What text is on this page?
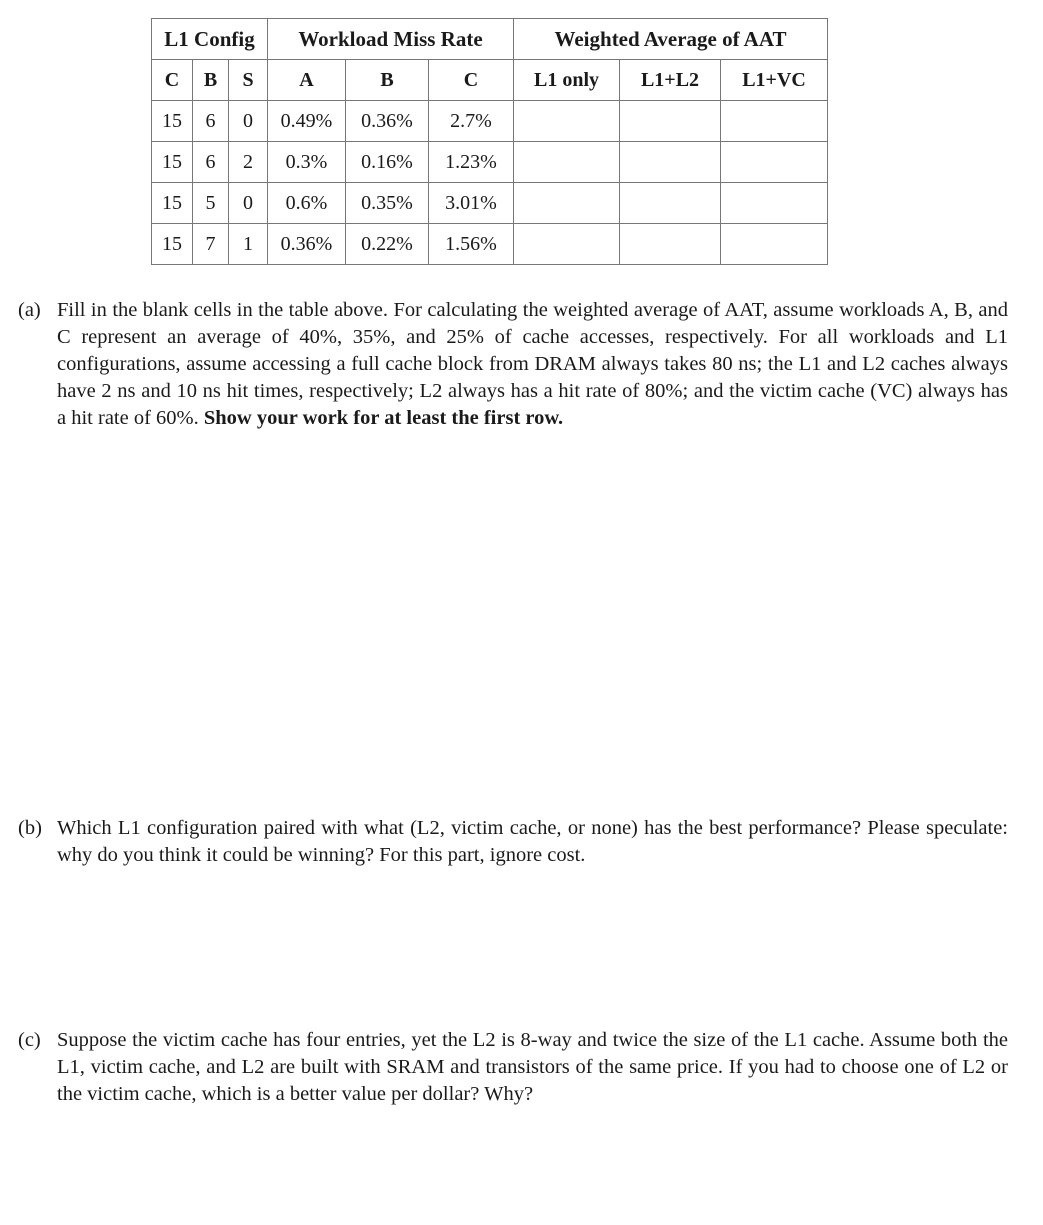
L1 Config			Workload Miss Rate			Weighted Average of AAT		
C	B	S	A	B	C	L1 only	L1+L2	L1+VC
15	6	0	0.49%	0.36%	2.7%			
15	6	2	0.3%	0.16%	1.23%			
15	5	0	0.6%	0.35%	3.01%			
15	7	1	0.36%	0.22%	1.56%			
(a) Fill in the blank cells in the table above. For calculating the weighted average of AAT, assume workloads A, B, and C represent an average of 40%, 35%, and 25% of cache accesses, respectively. For all workloads and L1 configurations, assume accessing a full cache block from DRAM always takes 80 ns; the L1 and L2 caches always have 2 ns and 10 ns hit times, respectively; L2 always has a hit rate of 80%; and the victim cache (VC) always has a hit rate of 60%. Show your work for at least the first row.
(b) Which L1 configuration paired with what (L2, victim cache, or none) has the best performance? Please speculate: why do you think it could be winning? For this part, ignore cost.
(c) Suppose the victim cache has four entries, yet the L2 is 8-way and twice the size of the L1 cache. Assume both the L1, victim cache, and L2 are built with SRAM and transistors of the same price. If you had to choose one of L2 or the victim cache, which is a better value per dollar? Why?
